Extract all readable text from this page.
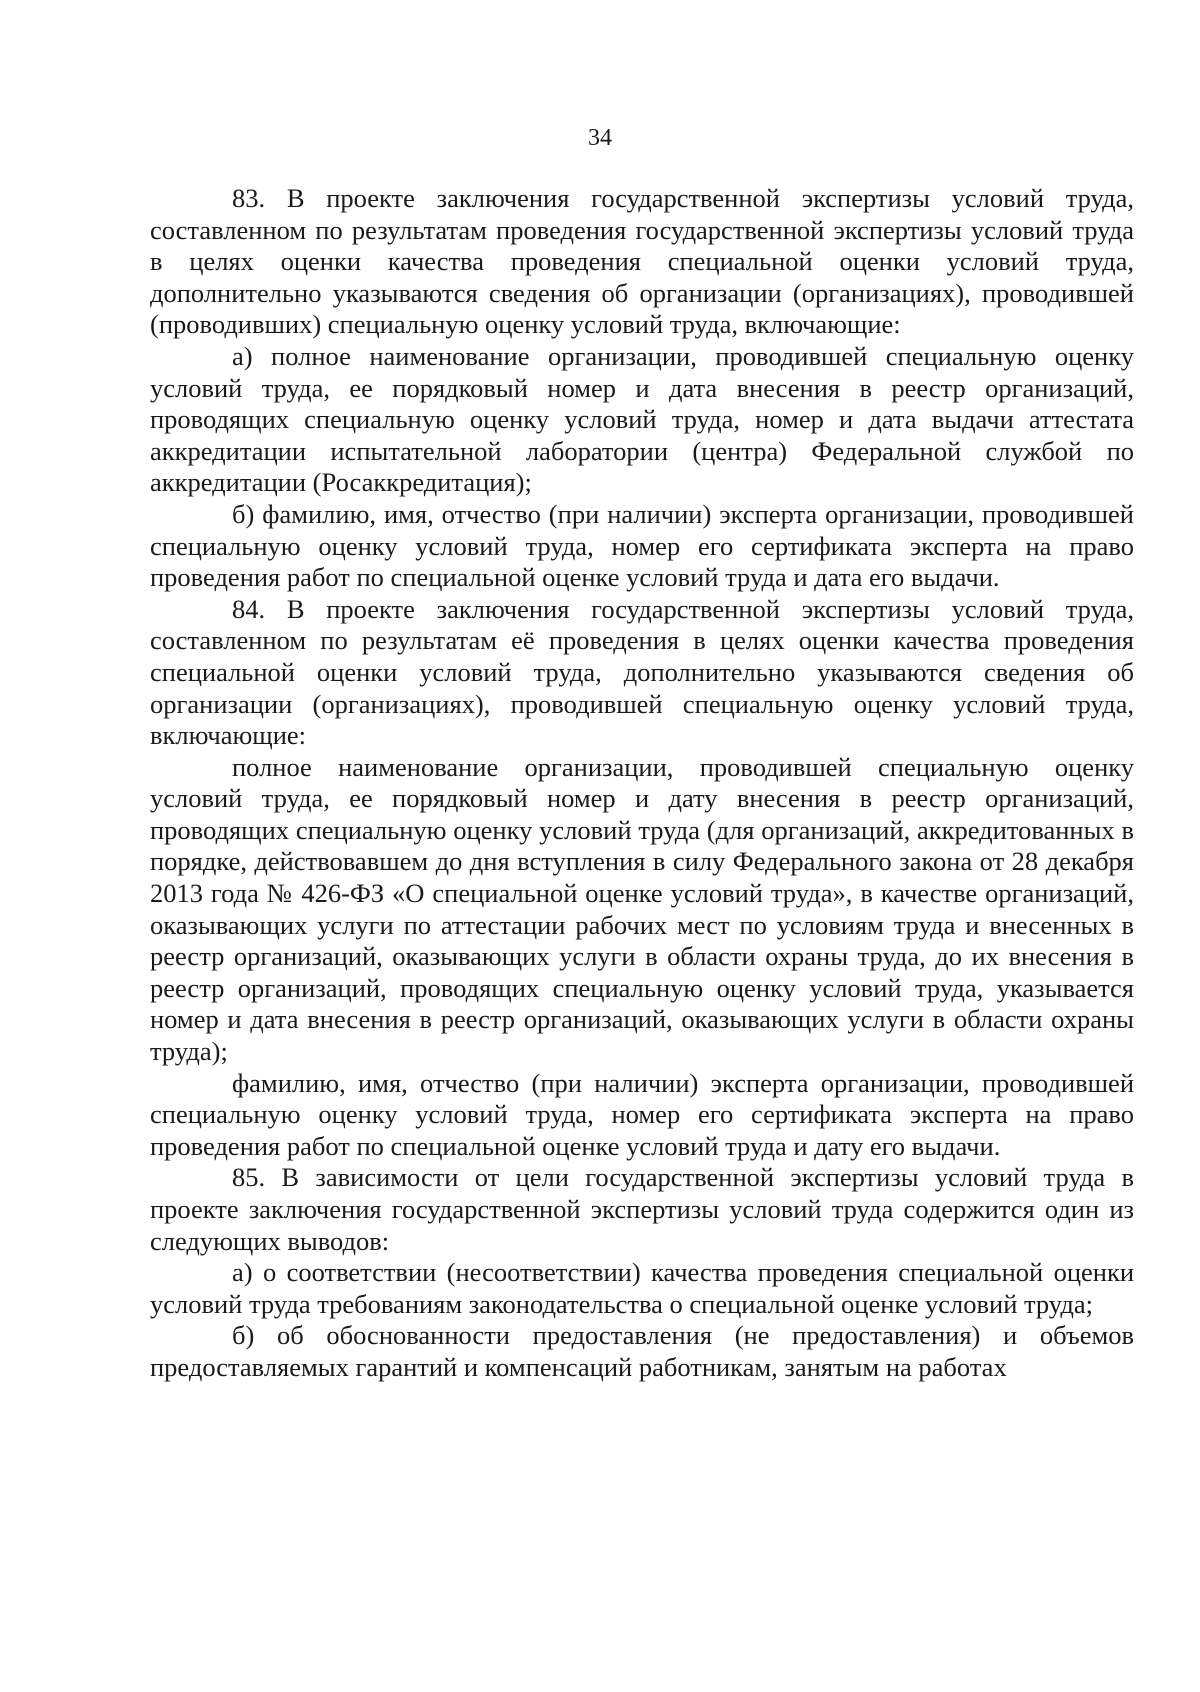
34

83. В проекте заключения государственной экспертизы условий труда, составленном по результатам проведения государственной экспертизы условий труда в целях оценки качества проведения специальной оценки условий труда, дополнительно указываются сведения об организации (организациях), проводившей (проводивших) специальную оценку условий труда, включающие:

а) полное наименование организации, проводившей специальную оценку условий труда, ее порядковый номер и дата внесения в реестр организаций, проводящих специальную оценку условий труда, номер и дата выдачи аттестата аккредитации испытательной лаборатории (центра) Федеральной службой по аккредитации (Росаккредитация);

б) фамилию, имя, отчество (при наличии) эксперта организации, проводившей специальную оценку условий труда, номер его сертификата эксперта на право проведения работ по специальной оценке условий труда и дата его выдачи.

84. В проекте заключения государственной экспертизы условий труда, составленном по результатам её проведения в целях оценки качества проведения специальной оценки условий труда, дополнительно указываются сведения об организации (организациях), проводившей специальную оценку условий труда, включающие:

полное наименование организации, проводившей специальную оценку условий труда, ее порядковый номер и дату внесения в реестр организаций, проводящих специальную оценку условий труда (для организаций, аккредитованных в порядке, действовавшем до дня вступления в силу Федерального закона от 28 декабря 2013 года № 426-ФЗ «О специальной оценке условий труда», в качестве организаций, оказывающих услуги по аттестации рабочих мест по условиям труда и внесенных в реестр организаций, оказывающих услуги в области охраны труда, до их внесения в реестр организаций, проводящих специальную оценку условий труда, указывается номер и дата внесения в реестр организаций, оказывающих услуги в области охраны труда);

фамилию, имя, отчество (при наличии) эксперта организации, проводившей специальную оценку условий труда, номер его сертификата эксперта на право проведения работ по специальной оценке условий труда и дату его выдачи.

85. В зависимости от цели государственной экспертизы условий труда в проекте заключения государственной экспертизы условий труда содержится один из следующих выводов:

а) о соответствии (несоответствии) качества проведения специальной оценки условий труда требованиям законодательства о специальной оценке условий труда;

б) об обоснованности предоставления (не предоставления) и объемов предоставляемых гарантий и компенсаций работникам, занятым на работах
